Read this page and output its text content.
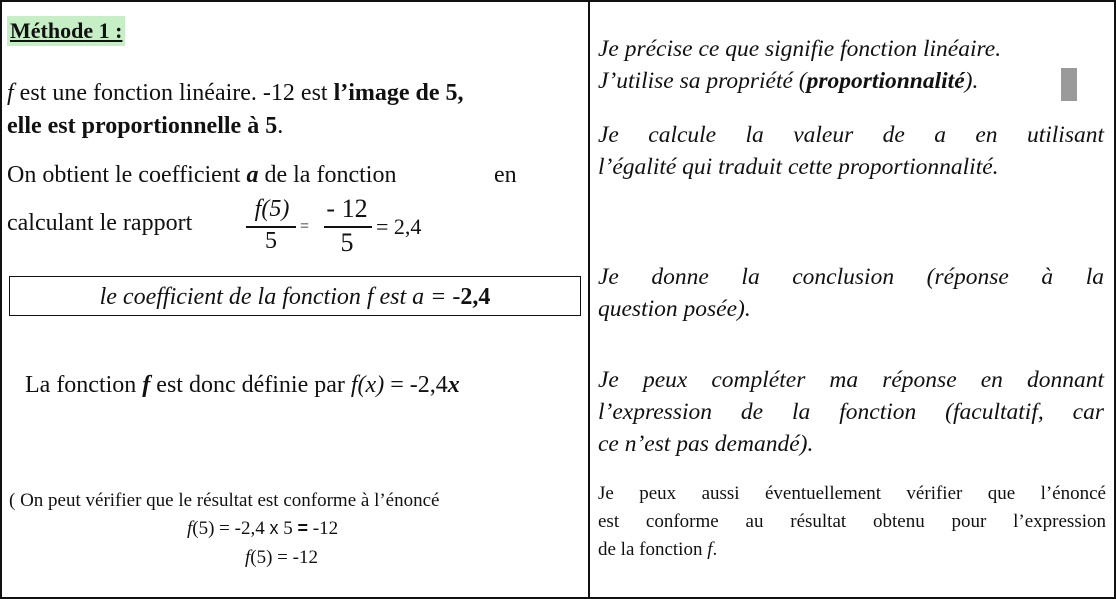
Méthode 1 :
f est une fonction linéaire. -12 est l’image de 5,
elle est proportionnelle à 5.
On obtient le coefficient a de la fonction	en
calculant le rapport
f(5)
5
=
- 12
5
= 2,4
le coefficient de la fonction f est a = -2,4
La fonction f est donc définie par f(x) = -2,4x
( On peut vérifier que le résultat est conforme à l’énoncé
f(5) = -2,4 x 5 = -12
f(5) = -12
Je précise ce que signifie fonction linéaire.
J’utilise sa propriété (proportionnalité).
Je calcule la valeur de a en utilisant
l’égalité qui traduit cette proportionnalité.
Je donne la conclusion (réponse à la
question posée).
Je peux compléter ma réponse en donnant
l’expression de la fonction (facultatif, car
ce n’est pas demandé).
Je peux aussi éventuellement vérifier que l’énoncé
est conforme au résultat obtenu pour l’expression
de la fonction f.
